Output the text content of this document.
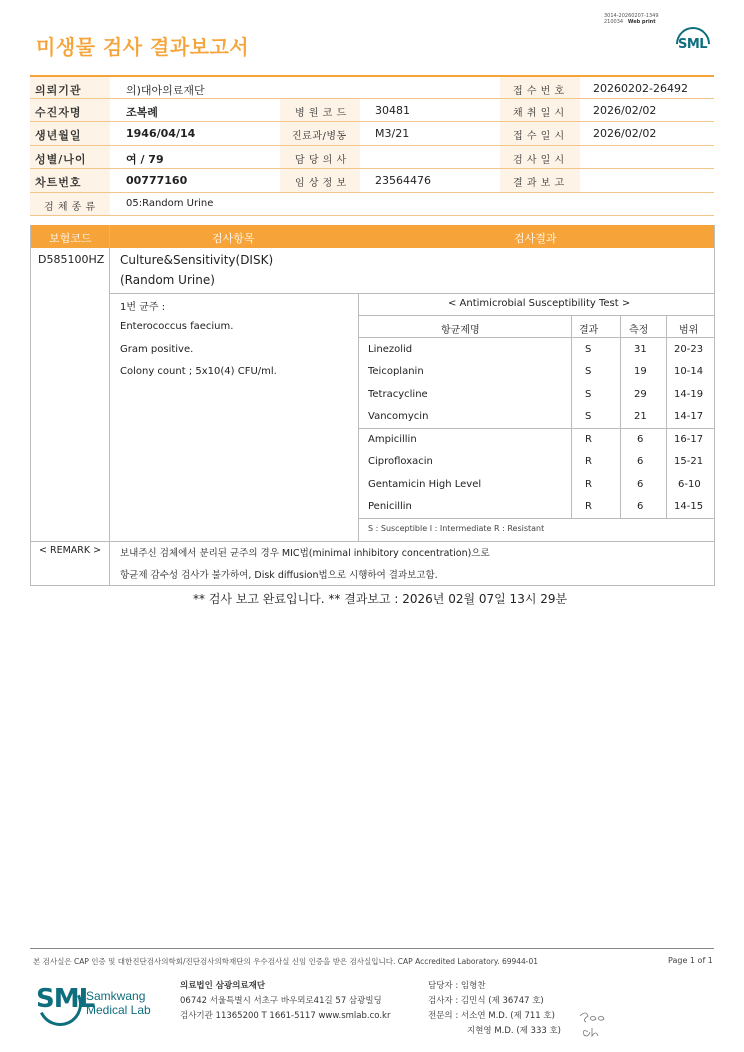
3014-20260207-1349
210034 Web print
미생물 검사 결과보고서	SML
의뢰기관	의)대아의료재단	접 수 번 호	20260202-26492
수진자명	조복례	병 원 코 드	30481	채 취 일 시	2026/02/02
생년월일	1946/04/14	진료과/병동	M3/21	접 수 일 시	2026/02/02
성별/나이	여 / 79	담 당 의 사	검 사 일 시
차트번호	00777160	임 상 정 보	23564476	결 과 보 고
검 체 종 류	05:Random Urine
보험코드	검사항목	검사결과
D585100HZ Culture&Sensitivity(DISK)
(Random Urine)
1번 균주 :
Enterococcus faecium.
Gram positive.
Colony count ; 5x10(4) CFU/ml.
< Antimicrobial Susceptibility Test >
항균제명	결과	측정	범위
Linezolid	S	31	20-23
Teicoplanin	S	19	10-14
Tetracycline	S	29	14-19
Vancomycin	S	21	14-17
Ampicillin	R	6	16-17
Ciprofloxacin	R	6	15-21
Gentamicin High Level	R	6	6-10
Penicillin	R	6	14-15
S : Susceptible I : Intermediate R : Resistant
< REMARK > 보내주신 검체에서 분리된 균주의 경우 MIC법(minimal inhibitory concentration)으로
항균제 감수성 검사가 불가하여, Disk diffusion법으로 시행하여 결과보고함.
** 검사 보고 완료입니다. ** 결과보고 : 2026년 02월 07일 13시 29분
본 검사실은 CAP 인증 및 대한진단검사의학회/진단검사의학재단의 우수검사실 신임 인증을 받은 검사실입니다. CAP Accredited Laboratory. 69944-01	Page 1 of 1
SML
Samkwang
Medical Lab
의료법인 삼광의료재단
06742 서울특별시 서초구 바우뫼로41길 57 삼광빌딩
검사기관 11365200 T 1661-5117 www.smlab.co.kr
담당자 : 임형찬
검사자 : 김민식 (제 36747 호)
전문의 : 서소연 M.D. (제 711 호)
지현영 M.D. (제 333 호)
